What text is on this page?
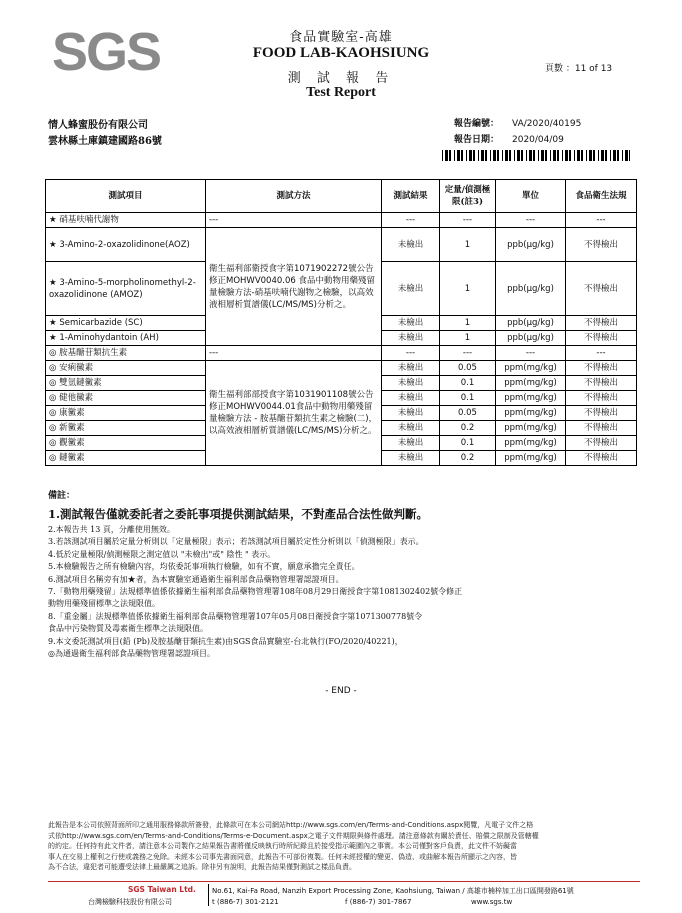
SGS	食品實驗室-高雄
FOOD LAB-KAOHSIUNG
測 試 報 告
Test Report
頁數 ：11 of 13
情人蜂蜜股份有限公司
雲林縣土庫鎮建國路86號
報告編號： VA/2020/40195
報告日期： 2020/04/09
測試項目	測試方法	測試結果	定量/偵測極限(註3)	單位	食品衛生法規
★ 硝基呋喃代謝物	---	---	---	---	---
★ 3-Amino-2-oxazolidinone(AOZ)	衛生福利部衛授食字第1071902272號公告修正MOHWV0040.06 食品中動物用藥殘留量檢驗方法-硝基呋喃代謝物之檢驗，以高效液相層析質譜儀(LC/MS/MS)分析之。	未檢出	1	ppb(μg/kg)	不得檢出
★ 3-Amino-5-morpholinomethyl-2-oxazolidinone (AMOZ)		未檢出	1	ppb(μg/kg)	不得檢出
★ Semicarbazide (SC)		未檢出	1	ppb(μg/kg)	不得檢出
★ 1-Aminohydantoin (AH)		未檢出	1	ppb(μg/kg)	不得檢出
◎ 胺基醣苷類抗生素	---	---	---	---	---
◎ 安痢黴素	衛生福利部部授食字第1031901108號公告修正MOHWV0044.01食品中動物用藥殘留量檢驗方法 - 胺基醣苷類抗生素之檢驗(二)，以高效液相層析質譜儀(LC/MS/MS)分析之。	未檢出	0.05	ppm(mg/kg)	不得檢出
◎ 雙氫鏈黴素		未檢出	0.1	ppm(mg/kg)	不得檢出
◎ 健他黴素		未檢出	0.1	ppm(mg/kg)	不得檢出
◎ 康黴素		未檢出	0.05	ppm(mg/kg)	不得檢出
◎ 新黴素		未檢出	0.2	ppm(mg/kg)	不得檢出
◎ 觀黴素		未檢出	0.1	ppm(mg/kg)	不得檢出
◎ 鏈黴素		未檢出	0.2	ppm(mg/kg)	不得檢出
備註：
1.測試報告僅就委託者之委託事項提供測試結果，不對產品合法性做判斷。
2.本報告共 13 頁，分離使用無效。
3.若該測試項目屬於定量分析則以「定量極限」表示；若該測試項目屬於定性分析則以「偵測極限」表示。
4.低於定量極限/偵測極限之測定值以 "未檢出"或" 陰性 " 表示。
5.本檢驗報告之所有檢驗內容，均依委託事項執行檢驗，如有不實，願意承擔完全責任。
6.測試項目名稱旁有加★者，為本實驗室通過衛生福利部食品藥物管理署認證項目。
7.「動物用藥殘留」法規標準值係依據衛生福利部食品藥物管理署108年08月29日衛授食字第1081302402號令修正
動物用藥殘留標準之法規限值。
8.「重金屬」法規標準值係依據衛生福利部食品藥物管理署107年05月08日衛授食字第1071300778號令
食品中污染物質及毒素衛生標準之法規限值。
9.本文委託測試項目(鉛 (Pb)及胺基醣苷類抗生素)由SGS食品實驗室-台北執行(FO/2020/40221)，
◎為通過衛生福利部食品藥物管理署認證項目。
- END -
此報告是本公司依照背面所印之通用服務條款所簽發，此條款可在本公司網站http://www.sgs.com/en/Terms-and-Conditions.aspx閱覽，凡電子文件之格
式依http://www.sgs.com/en/Terms-and-Conditions/Terms-e-Document.aspx之電子文件期限與條件處理。請注意條款有關於責任、賠償之限制及管轄權
的約定。任何持有此文件者，請注意本公司製作之結果報告書將僅反映執行時所紀錄且於接受指示範圍內之事實。本公司僅對客戶負責，此文件不妨礙當
事人在交易上權利之行使或義務之免除。未經本公司事先書面同意，此報告不可部份複製。任何未經授權的變更、偽造、或曲解本報告所顯示之內容，皆
為不合法，違犯者可能遭受法律上最嚴厲之追訴。除非另有說明，此報告結果僅對測試之樣品負責。
SGS Taiwan Ltd.
台灣檢驗科技股份有限公司
No.61, Kai-Fa Road, Nanzih Export Processing Zone, Kaohsiung, Taiwan / 高雄市楠梓加工出口區開發路61號
t (886-7) 301-2121	f (886-7) 301-7867	www.sgs.tw
